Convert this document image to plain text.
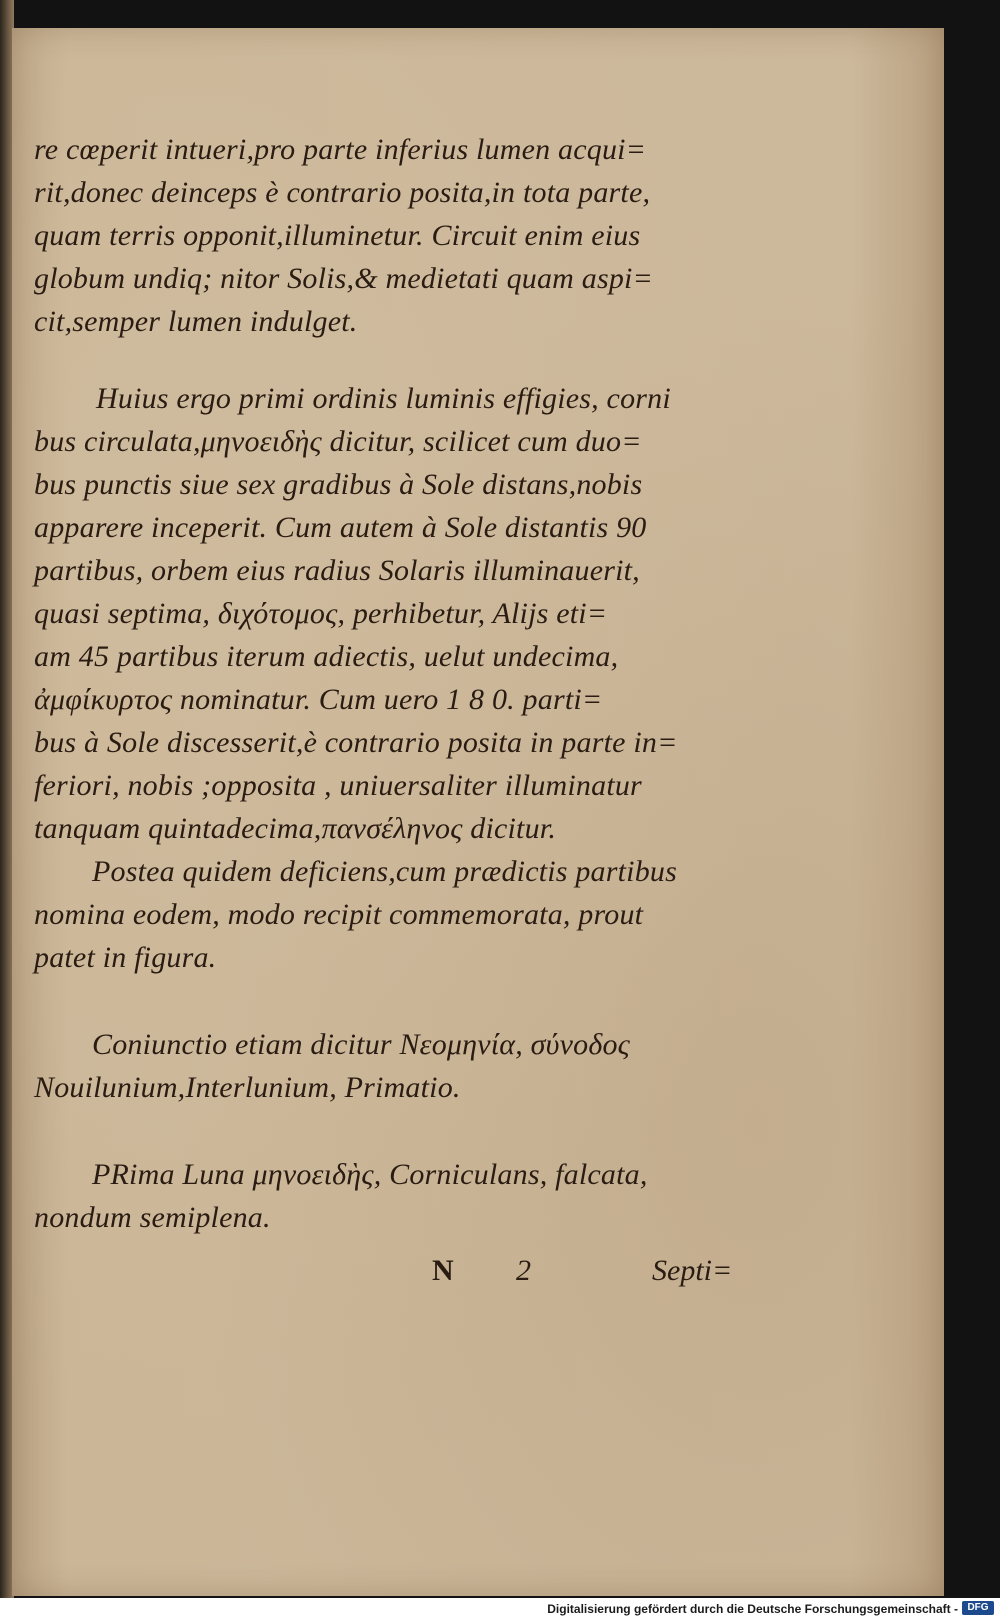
re cœperit intueri,pro parte inferius lumen acqui=
rit,donec deinceps è contrario posita,in tota parte,
quam terris opponit,illuminetur. Circuit enim eius
globum undiq; nitor Solis,& medietati quam aspi=
cit,semper lumen indulget.
Huius ergo primi ordinis luminis effigies, corni
bus circulata,μηνοειδὴς dicitur, scilicet cum duo=
bus punctis siue sex gradibus à Sole distans,nobis
apparere inceperit. Cum autem à Sole distantis 90
partibus, orbem eius radius Solaris illuminauerit,
quasi septima, διχότομος, perhibetur, Alijs eti=
am 45 partibus iterum adiectis, uelut undecima,
ἀμφίκυρτος nominatur. Cum uero 1 8 0. parti=
bus à Sole discesserit,è contrario posita in parte in=
feriori, nobis ;opposita , uniuersaliter illuminatur
tanquam quintadecima,πανσέληνος dicitur.
Postea quidem deficiens,cum prædictis partibus
nomina eodem, modo recipit commemorata, prout
patet in figura.
Coniunctio etiam dicitur Νεομηνία, σύνοδος
Nouilunium,Interlunium, Primatio.
PRima Luna μηνοειδὴς, Corniculans, falcata,
nondum semiplena.
N 2	Septi=
Digitalisierung gefördert durch die Deutsche Forschungsgemeinschaft - DFG
